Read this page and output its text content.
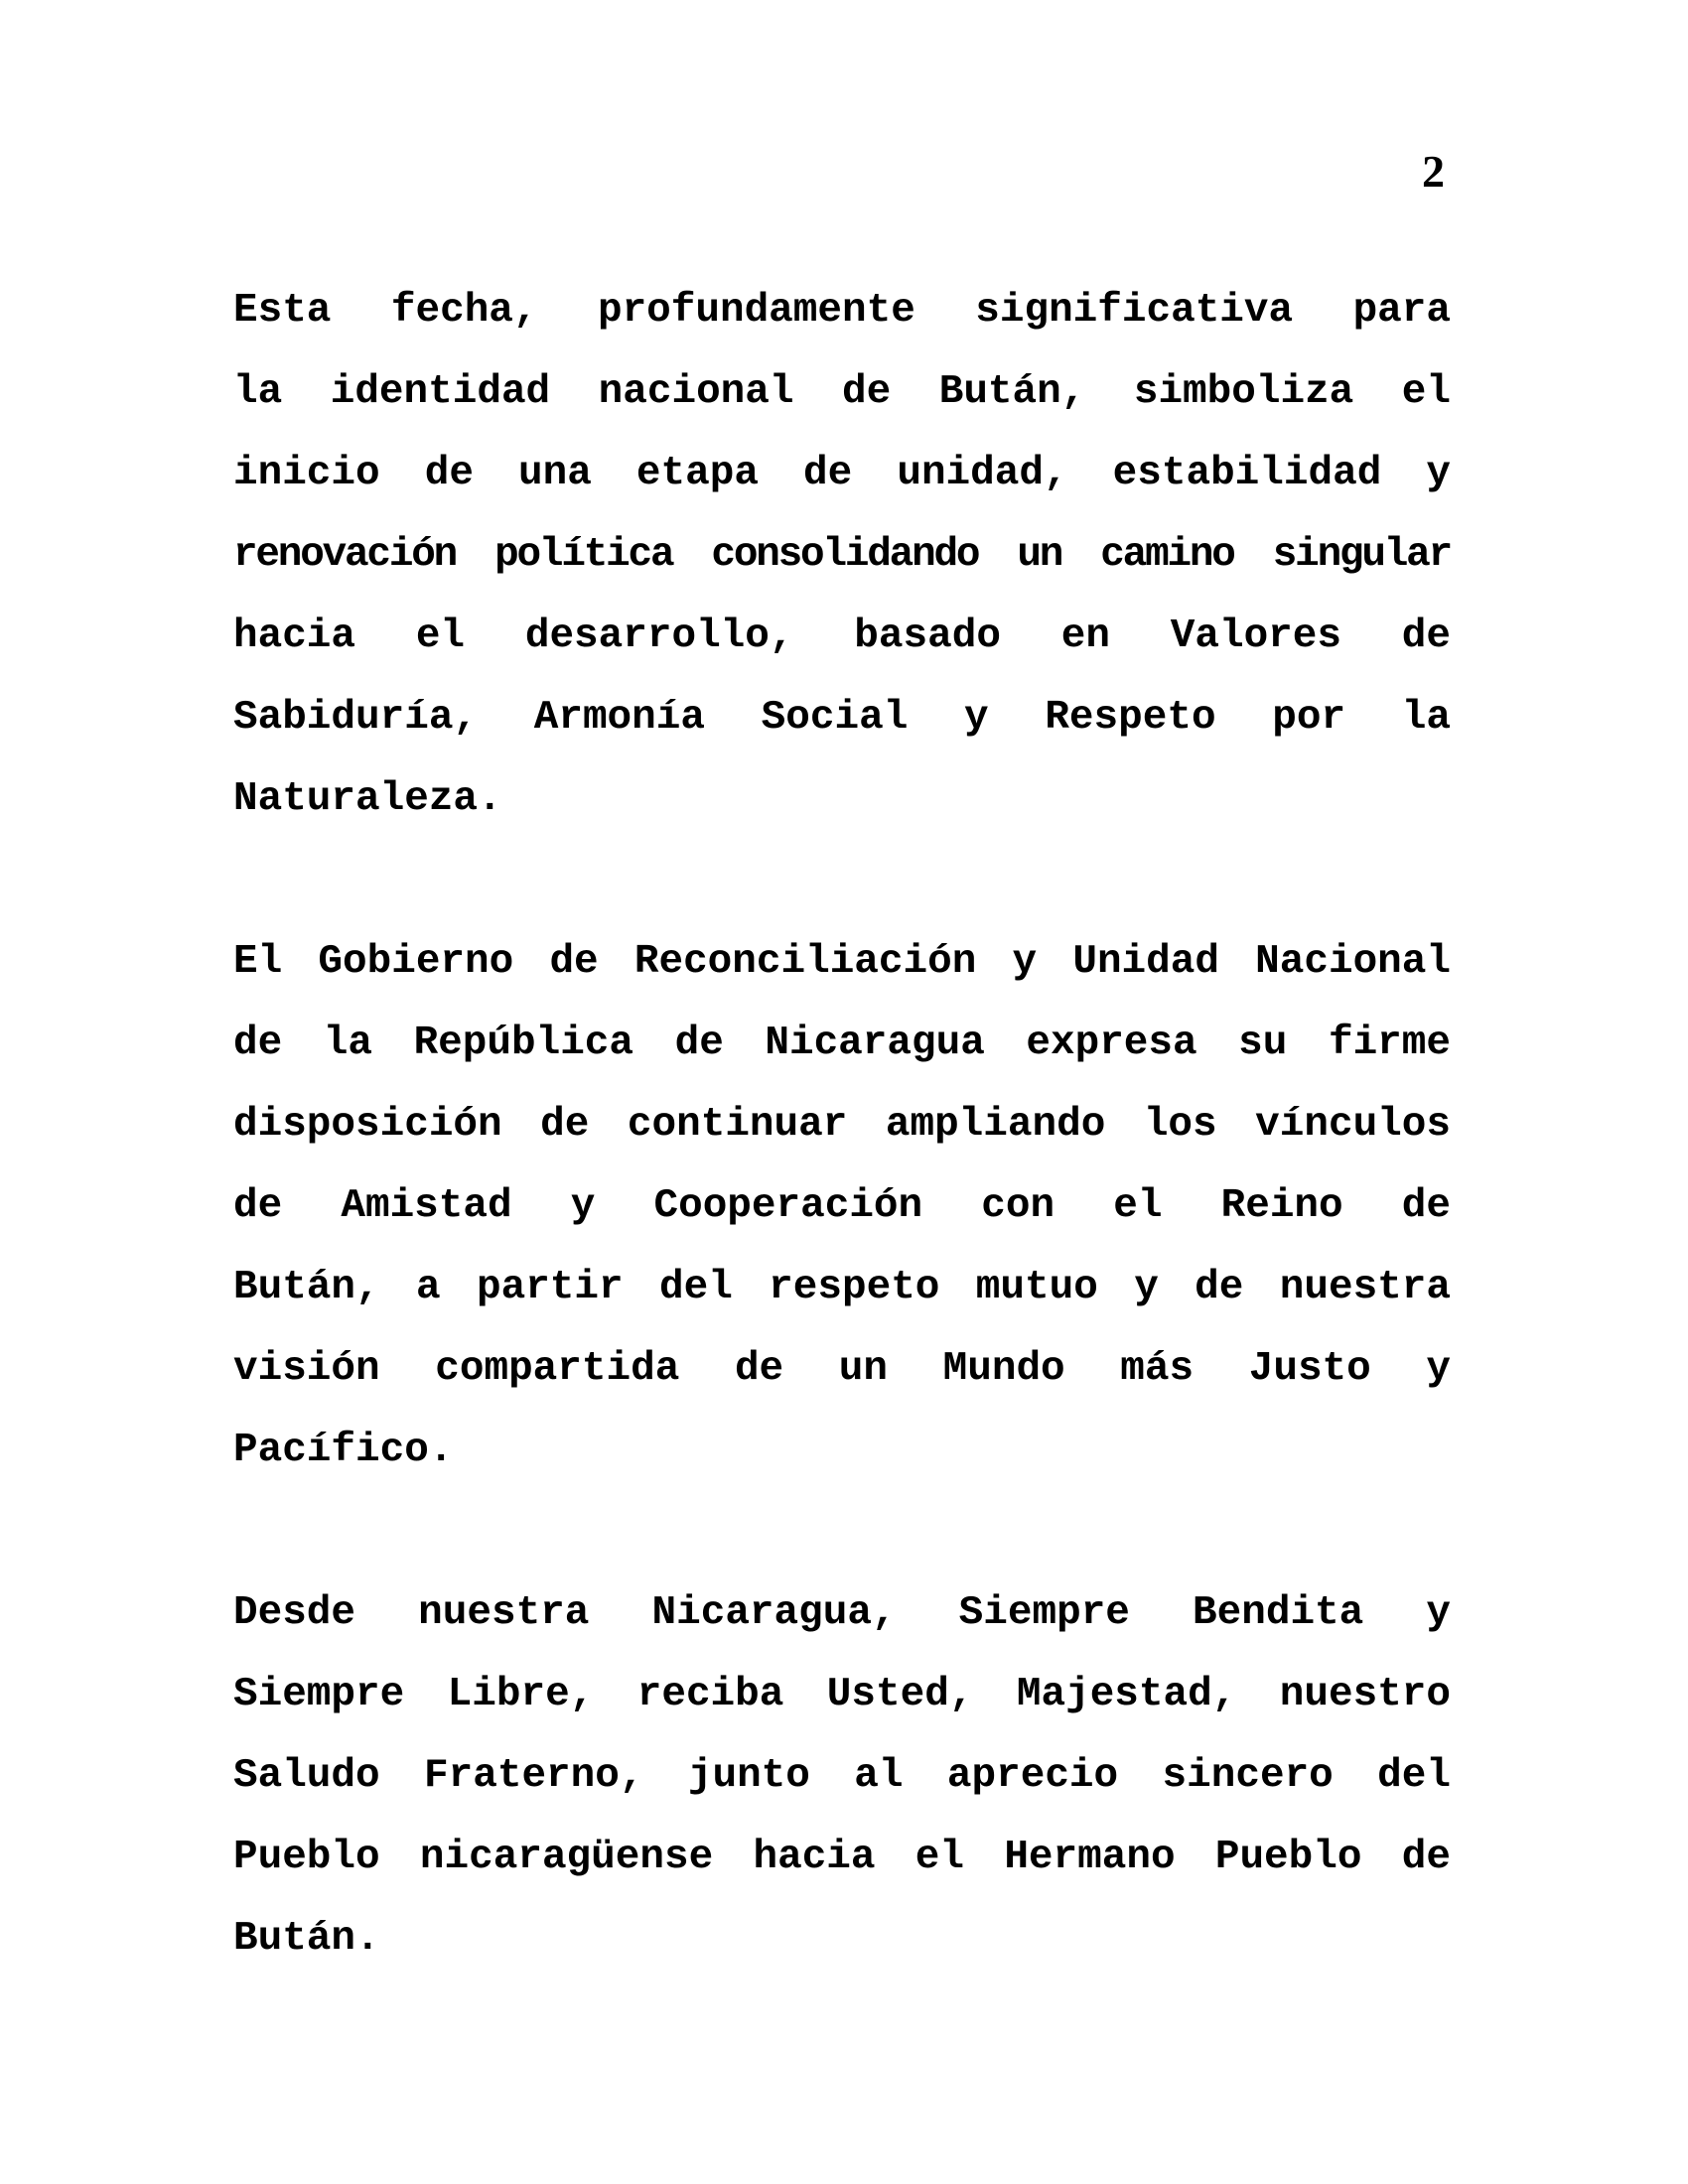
2

Esta fecha, profundamente significativa para
la identidad nacional de Bután, simboliza el
inicio de una etapa de unidad, estabilidad y
renovación política consolidando un camino singular
hacia el desarrollo, basado en Valores de
Sabiduría, Armonía Social y Respeto por la
Naturaleza.

El Gobierno de Reconciliación y Unidad Nacional
de la República de Nicaragua expresa su firme
disposición de continuar ampliando los vínculos
de Amistad y Cooperación con el Reino de
Bután, a partir del respeto mutuo y de nuestra
visión compartida de un Mundo más Justo y
Pacífico.

Desde nuestra Nicaragua, Siempre Bendita y
Siempre Libre, reciba Usted, Majestad, nuestro
Saludo Fraterno, junto al aprecio sincero del
Pueblo nicaragüense hacia el Hermano Pueblo de
Bután.
